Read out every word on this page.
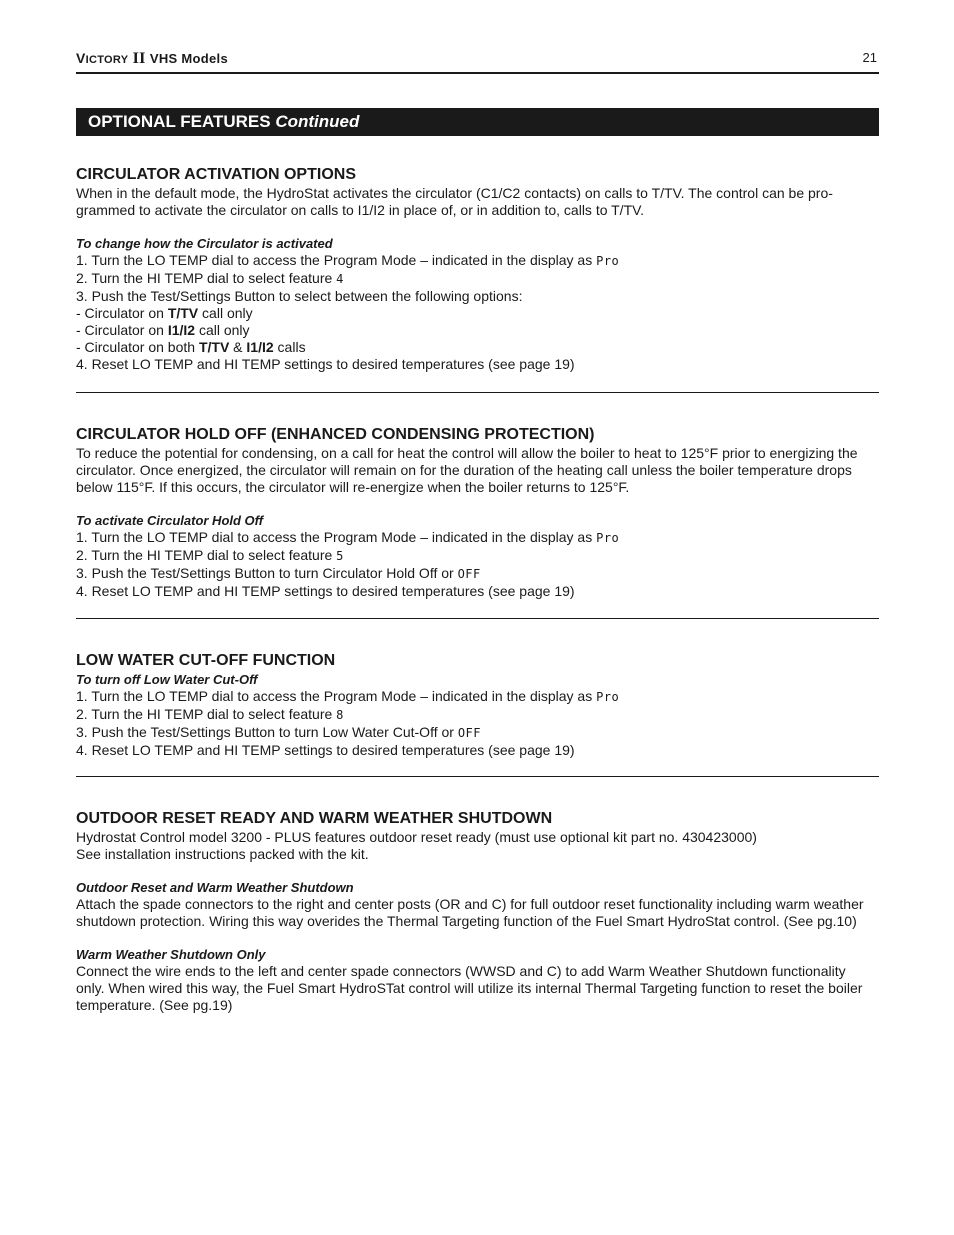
VICTORY II VHS Models	21
OPTIONAL FEATURES Continued
CIRCULATOR ACTIVATION OPTIONS

When in the default mode, the HydroStat activates the circulator (C1/C2 contacts) on calls to T/TV. The control can be pro-

grammed to activate the circulator on calls to I1/I2 in place of, or in addition to, calls to T/TV.

To change how the Circulator is activated

1. Turn the LO TEMP dial to access the Program Mode – indicated in the display as Pro

2. Turn the HI TEMP dial to select feature 4

3. Push the Test/Settings Button to select between the following options:

- Circulator on T/TV call only

- Circulator on I1/I2 call only

- Circulator on both T/TV & I1/I2 calls

4. Reset LO TEMP and HI TEMP settings to desired temperatures (see page 19)

CIRCULATOR HOLD OFF (ENHANCED CONDENSING PROTECTION)

To reduce the potential for condensing, on a call for heat the control will allow the boiler to heat to 125°F prior to energizing the

circulator. Once energized, the circulator will remain on for the duration of the heating call unless the boiler temperature drops

below 115°F. If this occurs, the circulator will re-energize when the boiler returns to 125°F.

To activate Circulator Hold Off

1. Turn the LO TEMP dial to access the Program Mode – indicated in the display as Pro

2. Turn the HI TEMP dial to select feature 5

3. Push the Test/Settings Button to turn Circulator Hold Off or OFF

4. Reset LO TEMP and HI TEMP settings to desired temperatures (see page 19)

LOW WATER CUT-OFF FUNCTION

To turn off Low Water Cut-Off

1. Turn the LO TEMP dial to access the Program Mode – indicated in the display as Pro

2. Turn the HI TEMP dial to select feature 8

3. Push the Test/Settings Button to turn Low Water Cut-Off or OFF

4. Reset LO TEMP and HI TEMP settings to desired temperatures (see page 19)

OUTDOOR RESET READY AND WARM WEATHER SHUTDOWN

Hydrostat Control model 3200 - PLUS features outdoor reset ready (must use optional kit part no. 430423000)

See installation instructions packed with the kit.

Outdoor Reset and Warm Weather Shutdown

Attach the spade connectors to the right and center posts (OR and C) for full outdoor reset functionality including warm weather

shutdown protection. Wiring this way overides the Thermal Targeting function of the Fuel Smart HydroStat control. (See pg.10)

Warm Weather Shutdown Only

Connect the wire ends to the left and center spade connectors (WWSD and C) to add Warm Weather Shutdown functionality

only. When wired this way, the Fuel Smart HydroSTat control will utilize its internal Thermal Targeting function to reset the boiler

temperature. (See pg.19)
